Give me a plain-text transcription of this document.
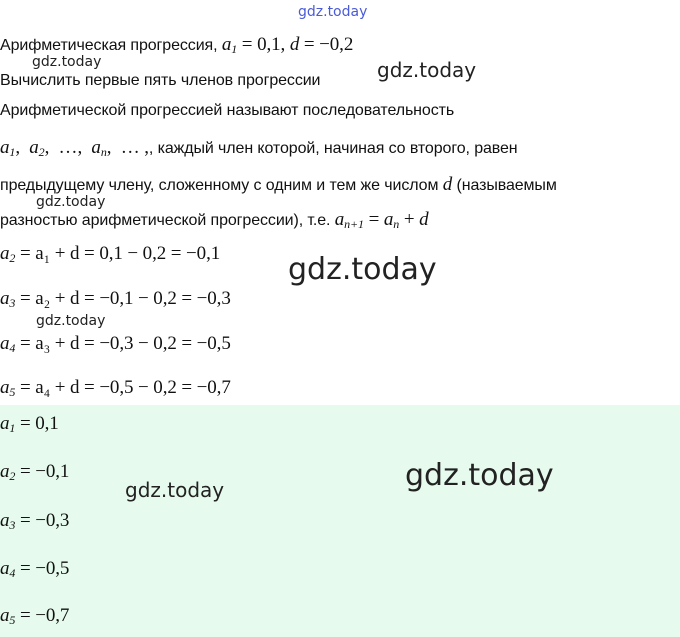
gdz.today
Арифметическая прогрессия, $a_1 = 0,1$, d = −0,2
gdz.today
Вычислить первые пять членов прогрессии	gdz.today
Арифметической прогрессией называют последовательность
$a_1$,  $a_2$, …,  $a_n$, … ,, каждый член которой, начиная со второго, равен
предыдущему члену, сложенному с одним и тем же числом d (называемым
gdz.today
разностью арифметической прогрессии), т.е. $a_{n+1} = a_n + d$
$a_2 = a_1 + d = 0,1 - 0,2 = -0,1$ gdz.today
$a_3 = a_2 + d = -0,1 - 0,2 = -0,3$
gdz.today
$a_4 = a_3 + d = -0,3 - 0,2 = -0,5$
$a_5 = a_4 + d = -0,5 - 0,2 = -0,7$
$a_1 = 0,1$
$a_2 = -0,1$
gdz.today	gdz.today
$a_3 = -0,3$
$a_4 = -0,5$
$a_5 = -0,7$
